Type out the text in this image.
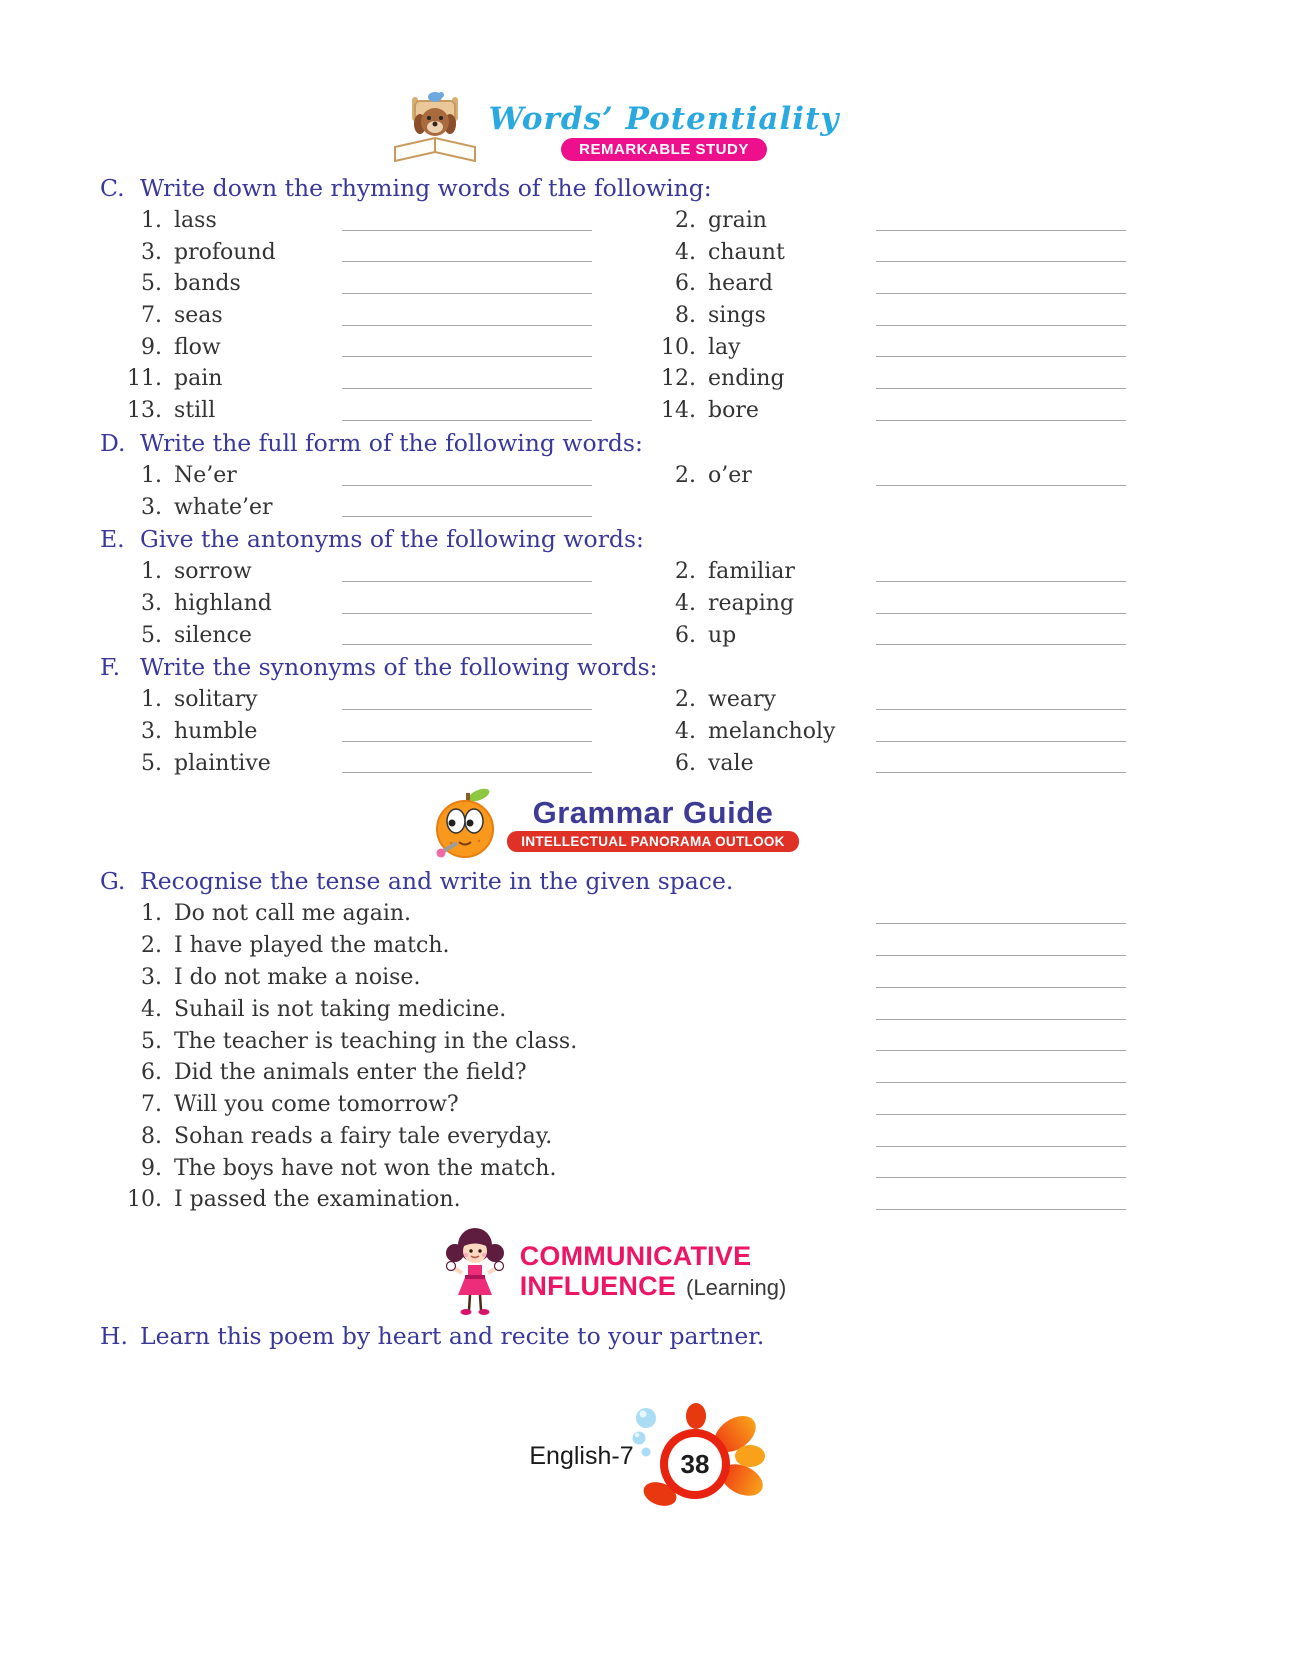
Words’ Potentiality
REMARKABLE STUDY
C. Write down the rhyming words of the following:
1. lass	2. grain
3. profound	4. chaunt
5. bands	6. heard
7. seas	8. sings
9. flow	10. lay
11. pain	12. ending
13. still	14. bore
D. Write the full form of the following words:
1. Ne’er	2. o’er
3. whate’er
E. Give the antonyms of the following words:
1. sorrow	2. familiar
3. highland	4. reaping
5. silence	6. up
F. Write the synonyms of the following words:
1. solitary	2. weary
3. humble	4. melancholy
5. plaintive	6. vale
Grammar Guide
INTELLECTUAL PANORAMA OUTLOOK
G. Recognise the tense and write in the given space.
1. Do not call me again.
2. I have played the match.
3. I do not make a noise.
4. Suhail is not taking medicine.
5. The teacher is teaching in the class.
6. Did the animals enter the field?
7. Will you come tomorrow?
8. Sohan reads a fairy tale everyday.
9. The boys have not won the match.
10. I passed the examination.
COMMUNICATIVE
INFLUENCE (Learning)
H. Learn this poem by heart and recite to your partner.
English-7 38
